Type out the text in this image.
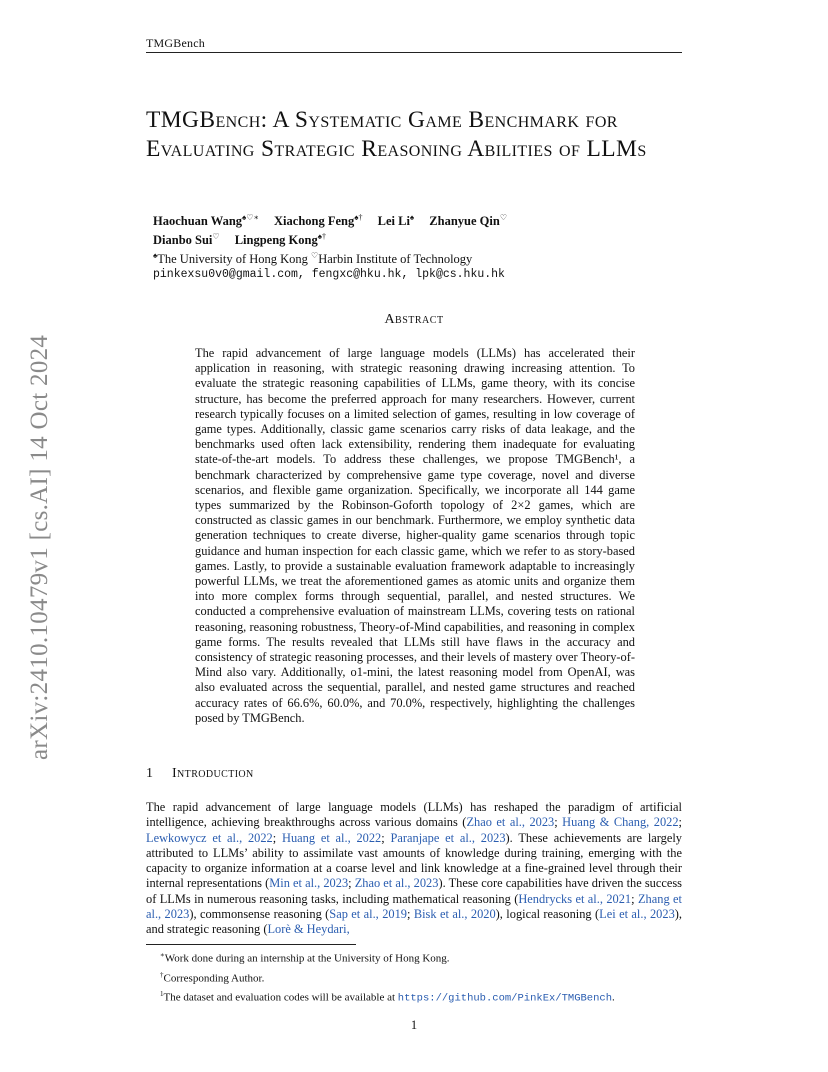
TMGBench
arXiv:2410.10479v1 [cs.AI] 14 Oct 2024
TMGBench: A Systematic Game Benchmark for Evaluating Strategic Reasoning Abilities of LLMs
Haochuan Wang♠♡∗ Xiachong Feng♠† Lei Li♠ Zhanyue Qin♡
Dianbo Sui♡ Lingpeng Kong♠†
♠The University of Hong Kong ♡Harbin Institute of Technology
pinkexsu0v0@gmail.com, fengxc@hku.hk, lpk@cs.hku.hk
Abstract
The rapid advancement of large language models (LLMs) has accelerated their application in reasoning, with strategic reasoning drawing increasing attention. To evaluate the strategic reasoning capabilities of LLMs, game theory, with its concise structure, has become the preferred approach for many researchers. However, current research typically focuses on a limited selection of games, resulting in low coverage of game types. Additionally, classic game scenarios carry risks of data leakage, and the benchmarks used often lack extensibility, rendering them inadequate for evaluating state-of-the-art models. To address these challenges, we propose TMGBench¹, a benchmark characterized by comprehensive game type coverage, novel and diverse scenarios, and flexible game organization. Specifically, we incorporate all 144 game types summarized by the Robinson-Goforth topology of 2×2 games, which are constructed as classic games in our benchmark. Furthermore, we employ synthetic data generation techniques to create diverse, higher-quality game scenarios through topic guidance and human inspection for each classic game, which we refer to as story-based games. Lastly, to provide a sustainable evaluation framework adaptable to increasingly powerful LLMs, we treat the aforementioned games as atomic units and organize them into more complex forms through sequential, parallel, and nested structures. We conducted a comprehensive evaluation of mainstream LLMs, covering tests on rational reasoning, reasoning robustness, Theory-of-Mind capabilities, and reasoning in complex game forms. The results revealed that LLMs still have flaws in the accuracy and consistency of strategic reasoning processes, and their levels of mastery over Theory-of-Mind also vary. Additionally, o1-mini, the latest reasoning model from OpenAI, was also evaluated across the sequential, parallel, and nested game structures and reached accuracy rates of 66.6%, 60.0%, and 70.0%, respectively, highlighting the challenges posed by TMGBench.
1 Introduction
The rapid advancement of large language models (LLMs) has reshaped the paradigm of artificial intelligence, achieving breakthroughs across various domains (Zhao et al., 2023; Huang & Chang, 2022; Lewkowycz et al., 2022; Huang et al., 2022; Paranjape et al., 2023). These achievements are largely attributed to LLMs’ ability to assimilate vast amounts of knowledge during training, emerging with the capacity to organize information at a coarse level and link knowledge at a fine-grained level through their internal representations (Min et al., 2023; Zhao et al., 2023). These core capabilities have driven the success of LLMs in numerous reasoning tasks, including mathematical reasoning (Hendrycks et al., 2021; Zhang et al., 2023), commonsense reasoning (Sap et al., 2019; Bisk et al., 2020), logical reasoning (Lei et al., 2023), and strategic reasoning (Lorè & Heydari,
∗Work done during an internship at the University of Hong Kong.
†Corresponding Author.
$^1$The dataset and evaluation codes will be available at https://github.com/PinkEx/TMGBench.
1
